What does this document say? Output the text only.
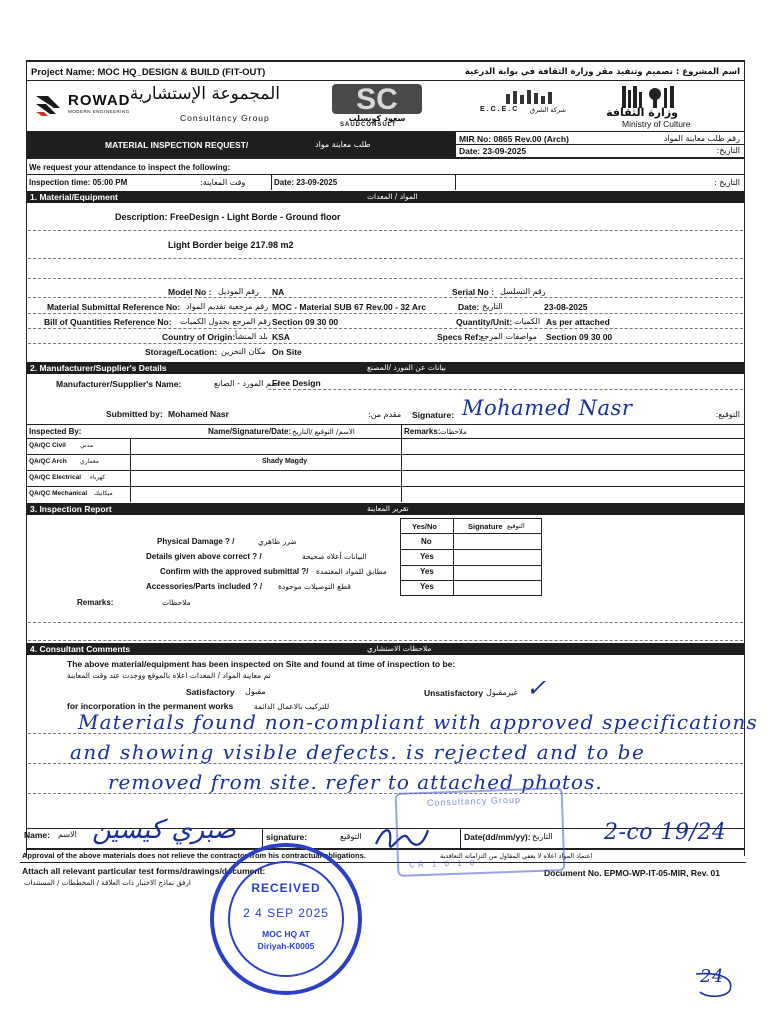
Project Name: MOC HQ_DESIGN & BUILD (FIT-OUT)	اسم المشروع : تصميم وتنفيذ مقر وزارة الثقافة في بوابة الدرعية
ROWAD
MODERN ENGINEERING
المجموعة الإستشارية
Consultancy Group
SC
سعود كونسلت
SAUDCONSULT
E.C.E.C شركة الشرق	وزارة الثقافة
Ministry of Culture
MATERIAL INSPECTION REQUEST/	طلب معاينة مواد
MIR No: 0865 Rev.00 (Arch)	رقم طلب معاينة المواد
Date: 23-09-2025	التاريخ:
We request your attendance to inspect the following:
Inspection time: 05:00 PM	وقت المعاينة:	Date: 23-09-2025	التاريخ :
1. Material/Equipment	المواد / المعدات
Description: FreeDesign - Light Borde - Ground floor
Light Border beige 217.98 m2
Model No : رقم الموديل NA	Serial No : رقم التسلسل
Material Submittal Reference No: رقم مرجعية تقديم المواد MOC - Material SUB 67 Rev.00 - 32 Arc	Date: التاريخ	23-08-2025
Bill of Quantities Reference No: رقم المرجع بجدول الكميات Section 09 30 00	Quantity/Unit: الكميات As per attached
Country of Origin: بلد المنشأ KSA	Specs Ref: مواصفات المرجع Section 09 30 00
Storage/Location: مكان التخزين On Site
2. Manufacturer/Supplier's Details	بيانات عن المورد /المصنع
Manufacturer/Supplier's Name:	اسم المورد - الصانع
Free Design
Submitted by: Mohamed Nasr	مقدم من: Signature: Mohamed Nasr	التوقيع:
Inspected By:	Name/Signature/Date: الاسم/ التوقيع /التاريخ	Remarks: ملاحظات
QA/QC Civil مدني
QA/QC Arch معماري	Shady Magdy
QA/QC Electrical كهرباء
QA/QC Mechanical ميكانيك
3. Inspection Report	تقرير المعاينة
Yes/No	Signature التوقيع
Physical Damage ? /	ضرر ظاهري	No
Details given above correct ? /	البيانات أعلاه صحيحة	Yes
Confirm with the approved submittal ?/ مطابق للمواد المعتمدة	Yes
Accessories/Parts included ? / قطع التوصيلات موجودة	Yes
Remarks:	ملاحظات
4. Consultant Comments	ملاحظات الاستشاري
The above material/equipment has been inspected on Site and found at time of inspection to be:
تم معاينة المواد / المعدات اعلاه بالموقع ووجدت عند وقت المعاينة
Satisfactory مقبول	Unsatisfactory غيرمقبول ✓
for incorporation in the permanent works	للتركيب بالاعمال الدائمة
Materials found non-compliant with approved specifications
and showing visible defects. is rejected and to be
removed from site. refer to attached photos.
Name: الاسم صبري كيسين	signature:	التوقيع	Date(dd/mm/yy): التاريخ 2-co 19/24
Approval of the above materials does not relieve the contractor from his contractual obligations.	اعتماد المواد اعلاه لا يعفي المقاول من التزاماته التعاقدية
Attach all relevant particular test forms/drawings/document:
ارفق نماذج الاختبار ذات العلاقة / المخططات / المستندات
Document No. EPMO-WP-IT-05-MIR, Rev. 01
RECEIVED
2 4 SEP 2025
MOC HQ AT
Diriyah-K0005
Consultancy Group
CR 1 0 1 0
24
